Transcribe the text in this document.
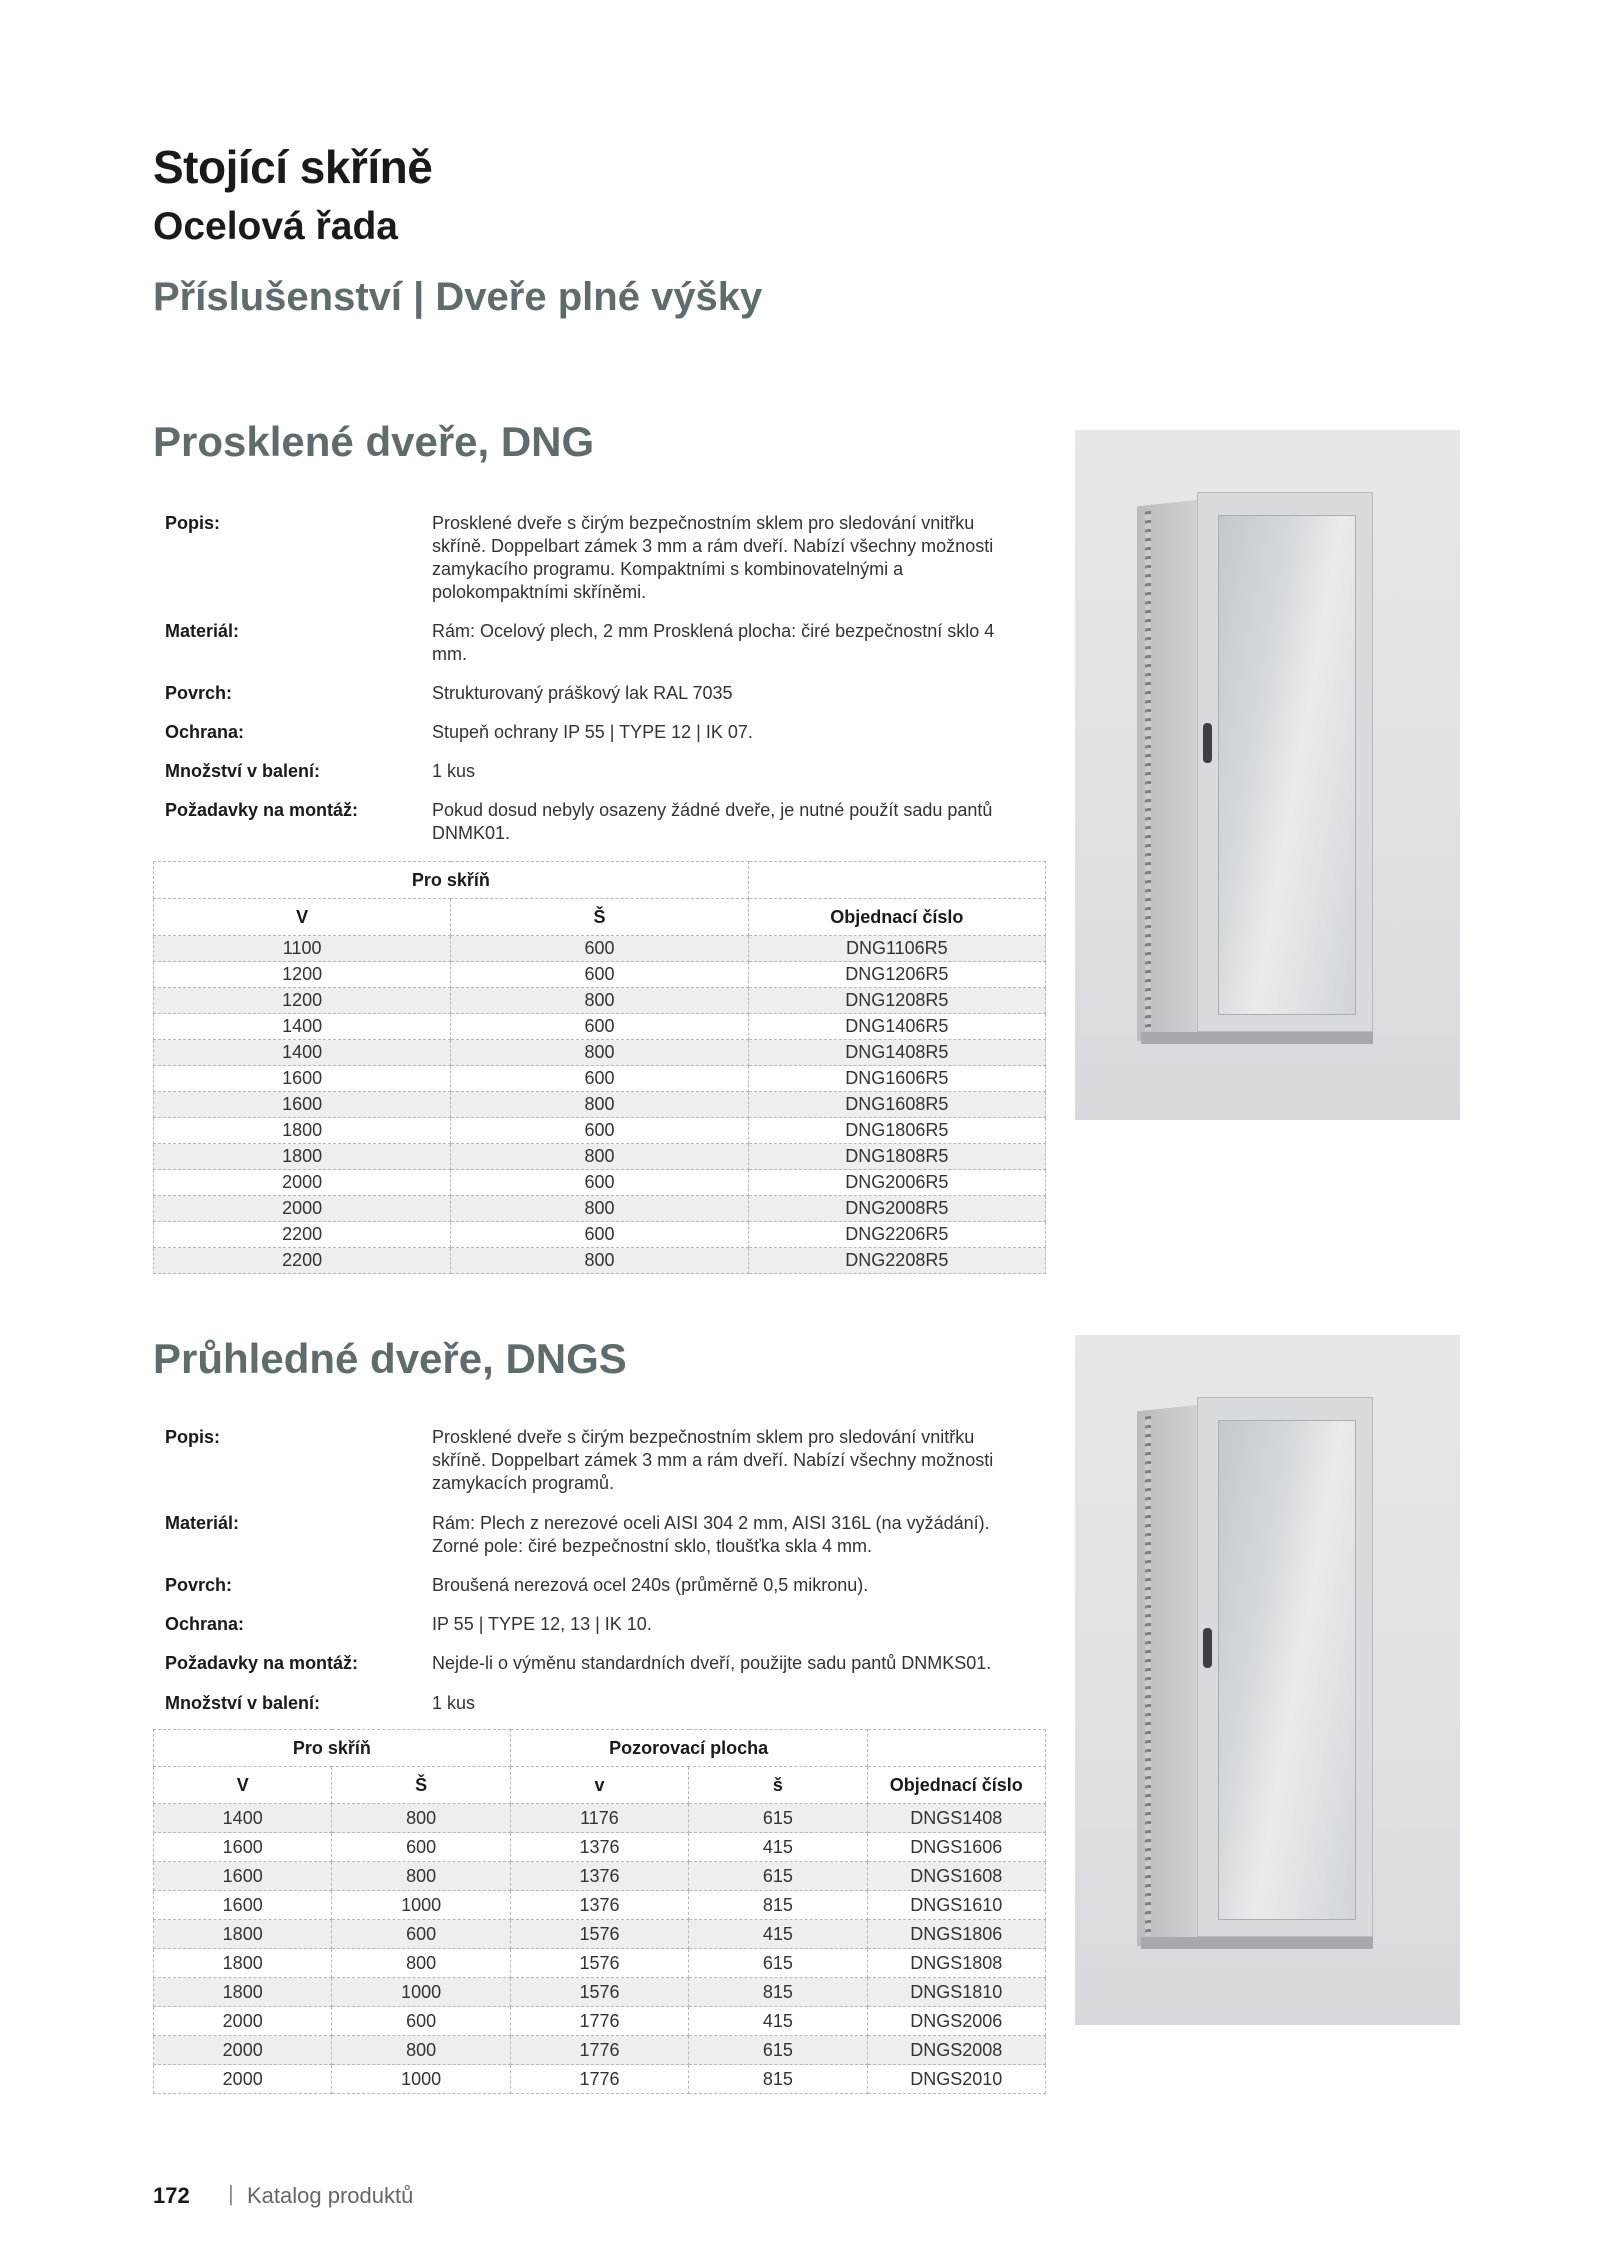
Stojící skříně
Ocelová řada
Příslušenství | Dveře plné výšky
Prosklené dveře, DNG
Popis:	Prosklené dveře s čirým bezpečnostním sklem pro sledování vnitřku skříně. Doppelbart zámek 3 mm a rám dveří. Nabízí všechny možnosti zamykacího programu. Kompaktními s kombinovatelnými a polokompaktními skříněmi.
Materiál:	Rám: Ocelový plech, 2 mm Prosklená plocha: čiré bezpečnostní sklo 4 mm.
Povrch:	Strukturovaný práškový lak RAL 7035
Ochrana:	Stupeň ochrany IP 55 | TYPE 12 | IK 07.
Množství v balení:	1 kus
Požadavky na montáž:	Pokud dosud nebyly osazeny žádné dveře, je nutné použít sadu pantů DNMK01.
Pro skříň		
V	Š	Objednací číslo
1100	600	DNG1106R5
1200	600	DNG1206R5
1200	800	DNG1208R5
1400	600	DNG1406R5
1400	800	DNG1408R5
1600	600	DNG1606R5
1600	800	DNG1608R5
1800	600	DNG1806R5
1800	800	DNG1808R5
2000	600	DNG2006R5
2000	800	DNG2008R5
2200	600	DNG2206R5
2200	800	DNG2208R5
Průhledné dveře, DNGS
Popis:	Prosklené dveře s čirým bezpečnostním sklem pro sledování vnitřku skříně. Doppelbart zámek 3 mm a rám dveří. Nabízí všechny možnosti zamykacích programů.
Materiál:	Rám: Plech z nerezové oceli AISI 304 2 mm, AISI 316L (na vyžádání). Zorné pole: čiré bezpečnostní sklo, tloušťka skla 4 mm.
Povrch:	Broušená nerezová ocel 240s (průměrně 0,5 mikronu).
Ochrana:	IP 55 | TYPE 12, 13 | IK 10.
Požadavky na montáž:	Nejde-li o výměnu standardních dveří, použijte sadu pantů DNMKS01.
Množství v balení:	1 kus
Pro skříň		Pozorovací plocha		
V	Š	v	š	Objednací číslo
1400	800	1176	615	DNGS1408
1600	600	1376	415	DNGS1606
1600	800	1376	615	DNGS1608
1600	1000	1376	815	DNGS1610
1800	600	1576	415	DNGS1806
1800	800	1576	615	DNGS1808
1800	1000	1576	815	DNGS1810
2000	600	1776	415	DNGS2006
2000	800	1776	615	DNGS2008
2000	1000	1776	815	DNGS2010
172 | Katalog produktů
